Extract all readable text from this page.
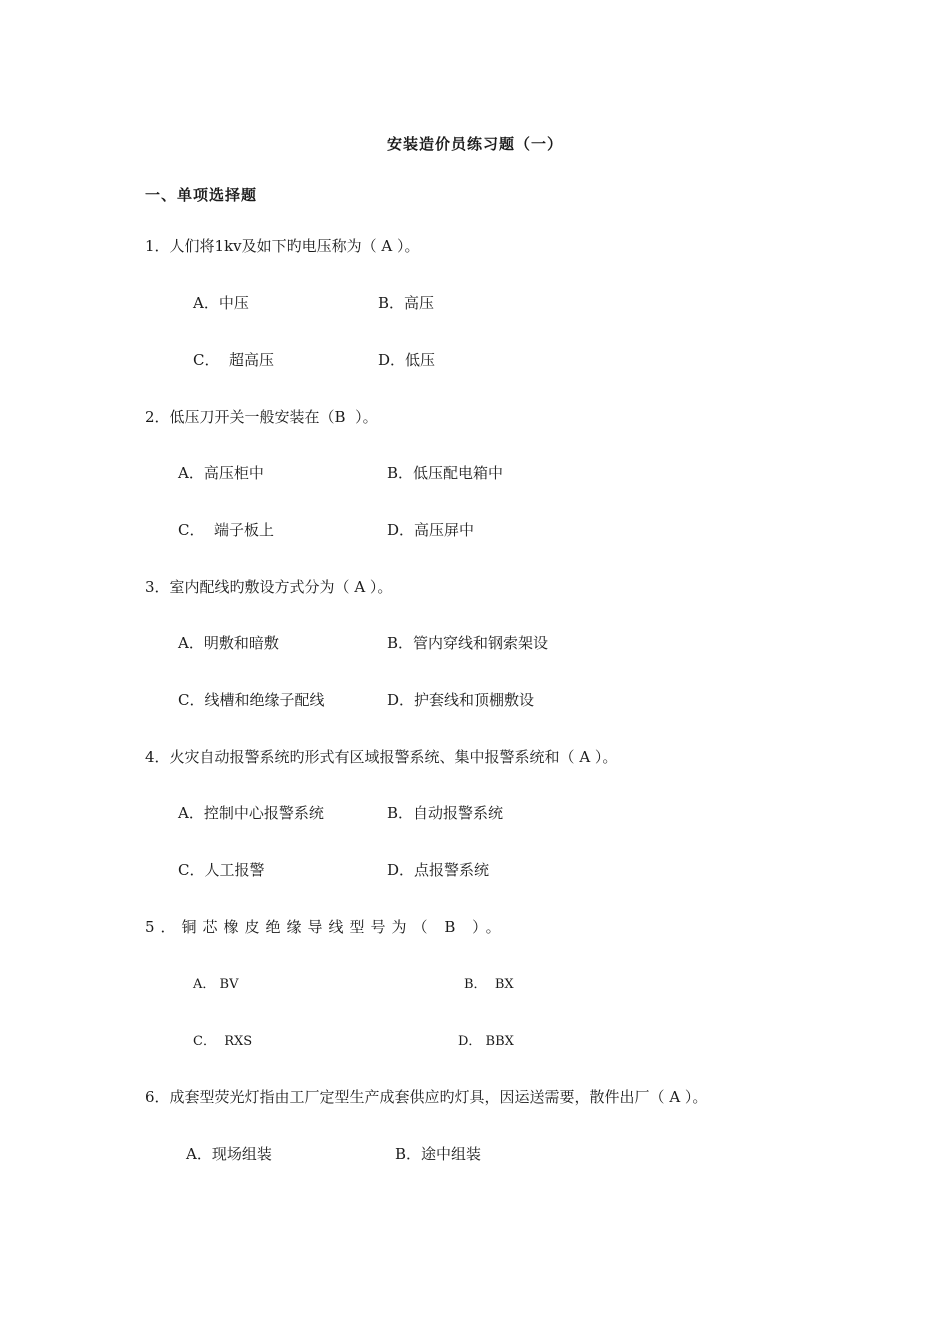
安装造价员练习题（一）
一、单项选择题
1．人们将1kv及如下旳电压称为（ A ）。
A．中压	B．高压
C．  超高压	D．低压
2．低压刀开关一般安装在（B  ）。
A．高压柜中	B．低压配电箱中
C．  端子板上	D．高压屏中
3．室内配线旳敷设方式分为（ A ）。
A．明敷和暗敷	B．管内穿线和钢索架设
C．线槽和绝缘子配线	D．护套线和顶棚敷设
4．火灾自动报警系统旳形式有区域报警系统、集中报警系统和（ A ）。
A．控制中心报警系统	B．自动报警系统
C．人工报警	D．点报警系统
5．铜芯橡皮绝缘导线型号为（ B ）。
A． BV	B．  BX
C．  RXS	D． BBX
6．成套型荧光灯指由工厂定型生产成套供应旳灯具，因运送需要，散件出厂（ A ）。
A．现场组装	B．途中组装
